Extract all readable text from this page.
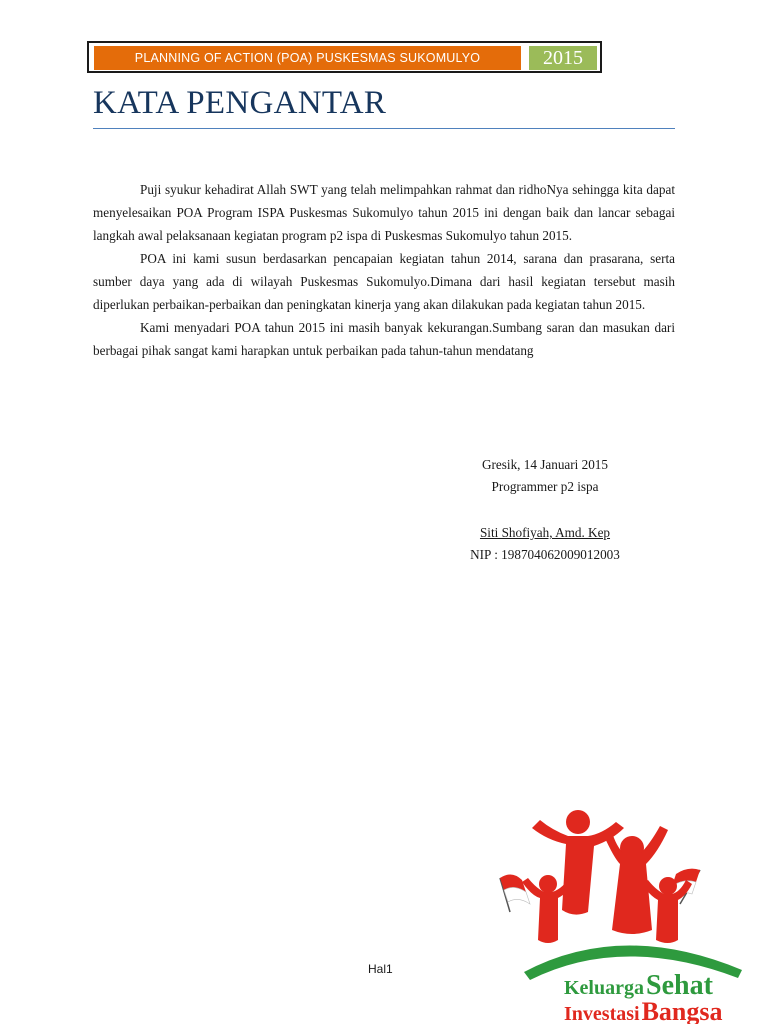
PLANNING OF ACTION (POA) PUSKESMAS SUKOMULYO	2015
KATA PENGANTAR

Puji syukur kehadirat Allah SWT yang telah melimpahkan rahmat dan ridhoNya sehingga kita dapat menyelesaikan POA Program ISPA Puskesmas Sukomulyo tahun 2015 ini dengan baik dan lancar sebagai langkah awal pelaksanaan kegiatan program p2 ispa di Puskesmas Sukomulyo tahun 2015.

POA ini kami susun berdasarkan pencapaian kegiatan tahun 2014, sarana dan prasarana, serta sumber daya yang ada di wilayah Puskesmas Sukomulyo.Dimana dari hasil kegiatan tersebut masih diperlukan perbaikan-perbaikan dan peningkatan kinerja yang akan dilakukan pada kegiatan tahun 2015.

Kami menyadari POA tahun 2015 ini masih banyak kekurangan.Sumbang saran dan masukan dari berbagai pihak sangat kami harapkan untuk perbaikan pada tahun-tahun mendatang

Gresik, 14 Januari 2015
Programmer p2 ispa
Siti Shofiyah, Amd. Kep
NIP : 198704062009012003
Hal1
KeluargaSehat
InvestasiBangsa
